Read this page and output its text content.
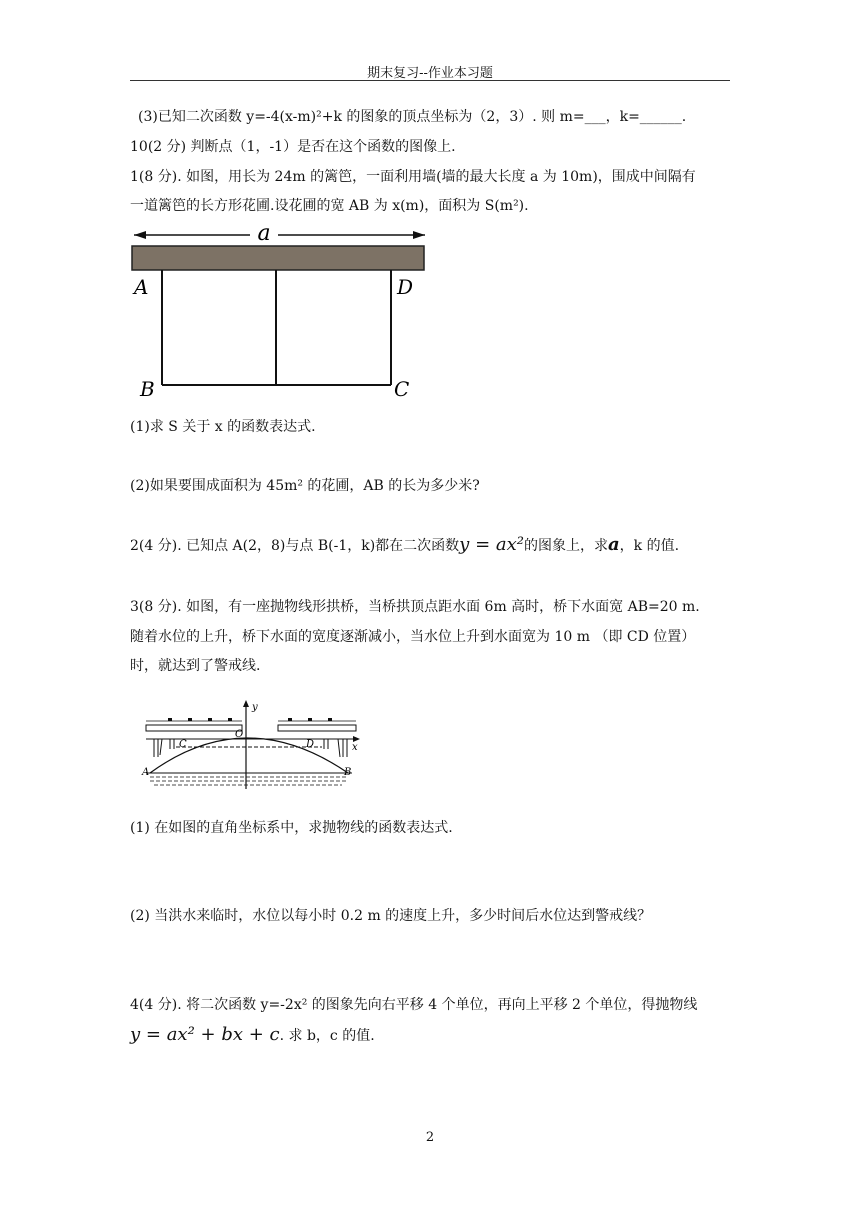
期末复习--作业本习题
(3)已知二次函数 y=-4(x-m)²+k 的图象的顶点坐标为（2，3）. 则 m=___，k=______.
10(2 分) 判断点（1，-1）是否在这个函数的图像上.
1(8 分). 如图，用长为 24m 的篱笆，一面利用墙(墙的最大长度 a 为 10m)，围成中间隔有
一道篱笆的长方形花圃.设花圃的宽 AB 为 x(m)，面积为 S(m²).
a
A	D
B	C
(1)求 S 关于 x 的函数表达式.
(2)如果要围成面积为 45m² 的花圃，AB 的长为多少米?
2(4 分). 已知点 A(2，8)与点 B(-1，k)都在二次函数y = ax²的图象上，求a，k 的值.
3(8 分). 如图，有一座抛物线形拱桥，当桥拱顶点距水面 6m 高时，桥下水面宽 AB=20 m.
随着水位的上升，桥下水面的宽度逐渐减小，当水位上升到水面宽为 10 m （即 CD 位置）
时，就达到了警戒线.
y
x
O
C	D
A	B
(1) 在如图的直角坐标系中，求抛物线的函数表达式.
(2) 当洪水来临时，水位以每小时 0.2 m 的速度上升，多少时间后水位达到警戒线？
4(4 分). 将二次函数 y=-2x² 的图象先向右平移 4 个单位，再向上平移 2 个单位，得抛物线
y = ax² + bx + c. 求 b，c 的值.
2
